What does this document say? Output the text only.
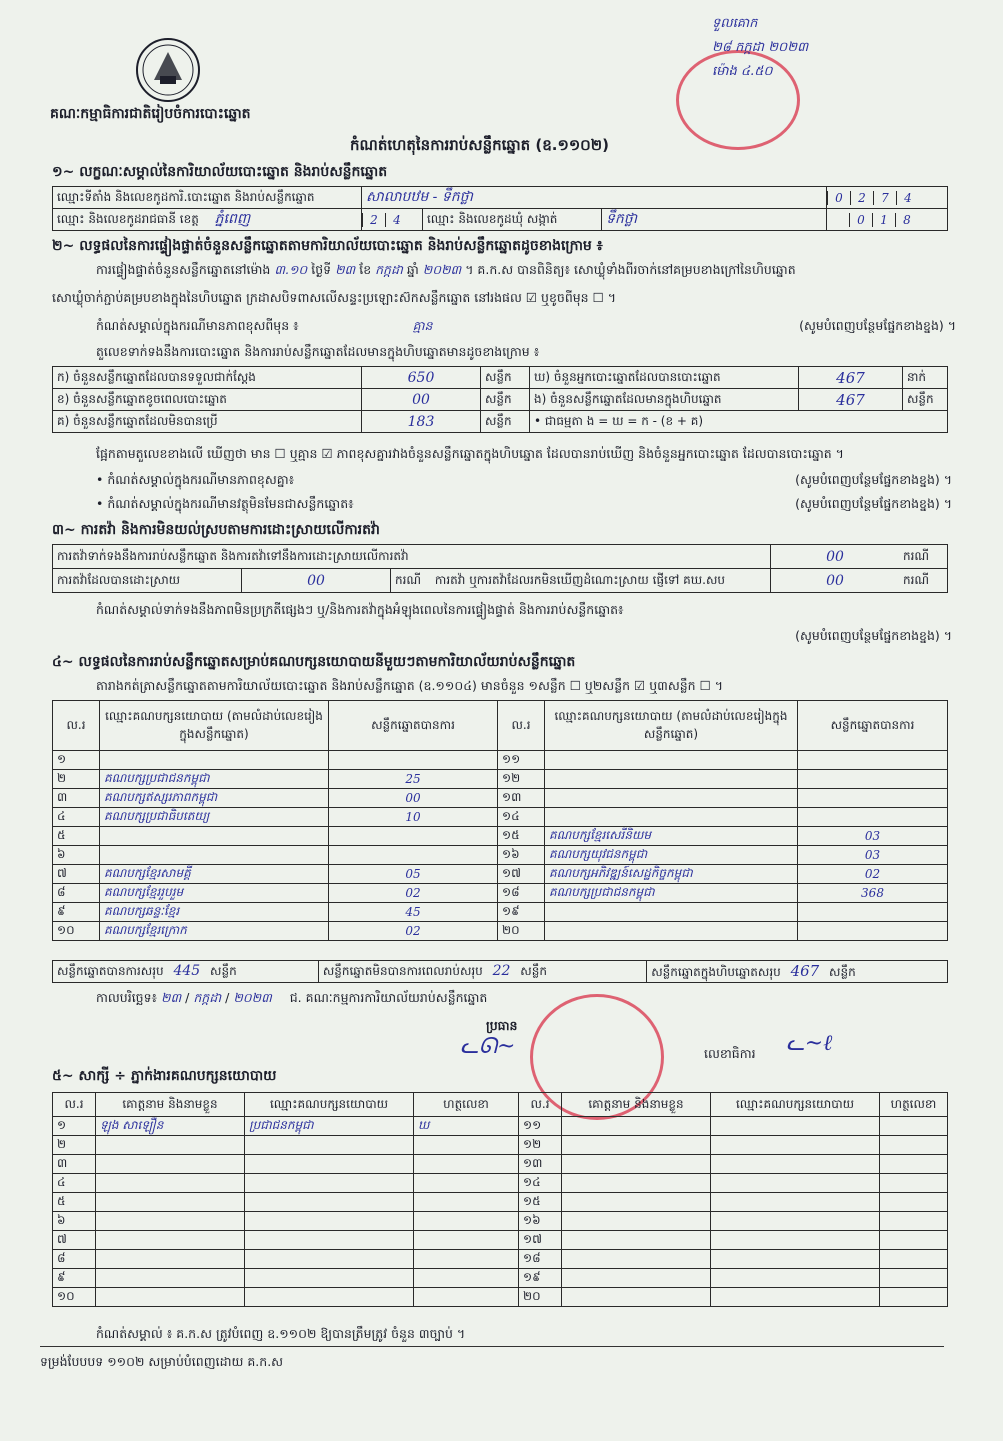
គណៈកម្មាធិការជាតិរៀបចំការបោះឆ្នោត
ទួលគោក
២៨ កក្កដា ២០២៣
ម៉ោង ៤.៥០
កំណត់ហេតុនៃការរាប់សន្លឹកឆ្នោត (ឧ.១១០២)
១~ លក្ខណៈសម្គាល់នៃការិយាល័យបោះឆ្នោត និងរាប់សន្លឹកឆ្នោត
ឈ្មោះទីតាំង និងលេខកូដការិ.បោះឆ្នោត និងរាប់សន្លឹកឆ្នោត	សាលាបឋម - ទឹកថ្លា			0 2 7 4
ឈ្មោះ និងលេខកូដរាជធានី ខេត្ត ភ្នំពេញ	2 4	ឈ្មោះ និងលេខកូដឃុំ សង្កាត់	ទឹកថ្លា	0 1 8
២~ លទ្ធផលនៃការផ្ទៀងផ្ទាត់ចំនួនសន្លឹកឆ្នោតតាមការិយាល័យបោះឆ្នោត និងរាប់សន្លឹកឆ្នោតដូចខាងក្រោម ៖
ការផ្ទៀងផ្ទាត់ចំនួនសន្លឹកឆ្នោតនៅម៉ោង ៣.១០ ថ្ងៃទី ២៣ ខែ កក្កដា ឆ្នាំ ២០២៣ ។ គ.ក.ស បានពិនិត្យ៖ សោឃ្លុំទាំងពីរចាក់នៅគម្របខាងក្រៅនៃហិបឆ្នោត
សោឃ្លុំចាក់ភ្ជាប់គម្របខាងក្នុងនៃហិបឆ្នោត ក្រដាសបិទពាសលើសន្ទះប្រឡោះស៊កសន្លឹកឆ្នោត នៅរងផល ☑ ឬខូចពីមុន ☐ ។
កំណត់សម្គាល់ក្នុងករណីមានភាពខុសពីមុន ៖	គ្មាន	(សូមបំពេញបន្ថែមផ្នែកខាងខ្នង) ។
តួលេខទាក់ទងនឹងការបោះឆ្នោត និងការរាប់សន្លឹកឆ្នោតដែលមានក្នុងហិបឆ្នោតមានដូចខាងក្រោម ៖
ក) ចំនួនសន្លឹកឆ្នោតដែលបានទទួលជាក់ស្តែង	650	សន្លឹក	ឃ) ចំនួនអ្នកបោះឆ្នោតដែលបានបោះឆ្នោត	467	នាក់
ខ) ចំនួនសន្លឹកឆ្នោតខូចពេលបោះឆ្នោត	00	សន្លឹក	ង) ចំនួនសន្លឹកឆ្នោតដែលមានក្នុងហិបឆ្នោត	467	សន្លឹក
គ) ចំនួនសន្លឹកឆ្នោតដែលមិនបានប្រើ	183	សន្លឹក	• ជាធម្មតា ង = ឃ = ក - (ខ + គ)		
ផ្អែកតាមតួលេខខាងលើ ឃើញថា មាន ☐ ឬគ្មាន ☑ ភាពខុសគ្នារវាងចំនួនសន្លឹកឆ្នោតក្នុងហិបឆ្នោត ដែលបានរាប់ឃើញ និងចំនួនអ្នកបោះឆ្នោត ដែលបានបោះឆ្នោត ។
• កំណត់សម្គាល់ក្នុងករណីមានភាពខុសគ្នា៖	(សូមបំពេញបន្ថែមផ្នែកខាងខ្នង) ។
• កំណត់សម្គាល់ក្នុងករណីមានវត្ថុមិនមែនជាសន្លឹកឆ្នោត៖	(សូមបំពេញបន្ថែមផ្នែកខាងខ្នង) ។
៣~ ការតវ៉ា និងការមិនយល់ស្របតាមការដោះស្រាយលើការតវ៉ា
ការតវ៉ាទាក់ទងនឹងការរាប់សន្លឹកឆ្នោត និងការតវ៉ាទៅនឹងការដោះស្រាយលើការតវ៉ា			00	ករណី
ការតវ៉ាដែលបានដោះស្រាយ	00	ករណី ការតវ៉ា ឬការតវ៉ាដែលរកមិនឃើញដំណោះស្រាយ ផ្ញើទៅ គឃ.សប	00	ករណី
កំណត់សម្គាល់ទាក់ទងនឹងភាពមិនប្រក្រតីផ្សេងៗ ឬ/និងការតវ៉ាក្នុងអំឡុងពេលនៃការផ្ទៀងផ្ទាត់ និងការរាប់សន្លឹកឆ្នោត៖
(សូមបំពេញបន្ថែមផ្នែកខាងខ្នង) ។
៤~ លទ្ធផលនៃការរាប់សន្លឹកឆ្នោតសម្រាប់គណបក្សនយោបាយនីមួយៗតាមការិយាល័យរាប់សន្លឹកឆ្នោត
តារាងកត់ត្រាសន្លឹកឆ្នោតតាមការិយាល័យបោះឆ្នោត និងរាប់សន្លឹកឆ្នោត (ឧ.១១០៤) មានចំនួន ១សន្លឹក ☐ ឬ២សន្លឹក ☑ ឬ៣សន្លឹក ☐ ។
ល.រ	ឈ្មោះគណបក្សនយោបាយ (តាមលំដាប់លេខរៀងក្នុងសន្លឹកឆ្នោត)	សន្លឹកឆ្នោតបានការ	ល.រ	ឈ្មោះគណបក្សនយោបាយ (តាមលំដាប់លេខរៀងក្នុងសន្លឹកឆ្នោត)	សន្លឹកឆ្នោតបានការ
១			១១		
២	គណបក្សប្រជាជនកម្ពុជា	25	១២		
៣	គណបក្សឥស្សរភាពកម្ពុជា	00	១៣		
៤	គណបក្សប្រជាធិបតេយ្យ	10	១៤		
៥			១៥	គណបក្សខ្មែរសេរីនិយម	03
៦			១៦	គណបក្សយុវជនកម្ពុជា	03
៧	គណបក្សខ្មែរសាមគ្គី	05	១៧	គណបក្សអភិវឌ្ឍន៍សេដ្ឋកិច្ចកម្ពុជា	02
៨	គណបក្សខ្មែររួបរួម	02	១៨	គណបក្សប្រជាជនកម្ពុជា	368
៩	គណបក្សឆន្ទៈខ្មែរ	45	១៩		
១០	គណបក្សខ្មែរក្រោក	02	២០		
សន្លឹកឆ្នោតបានការសរុប 445 សន្លឹក	សន្លឹកឆ្នោតមិនបានការពេលរាប់សរុប 22 សន្លឹក	សន្លឹកឆ្នោតក្នុងហិបឆ្នោតសរុប 467 សន្លឹក
កាលបរិច្ឆេទ៖ ២៣ / កក្កដា / ២០២៣ ជ. គណៈកម្មការការិយាល័យរាប់សន្លឹកឆ្នោត
ប្រធាន
ᓚᘏ~	លេខាធិការ ᓚ~ℓ
៥~ សាក្សី ÷ ភ្នាក់ងារគណបក្សនយោបាយ
ល.រ	គោត្តនាម និងនាមខ្លួន	ឈ្មោះគណបក្សនយោបាយ	ហត្ថលេខា	ល.រ	គោត្តនាម និងនាមខ្លួន	ឈ្មោះគណបក្សនយោបាយ	ហត្ថលេខា
១	ឡុង សាឡឿន	ប្រជាជនកម្ពុជា	ឃ	១១			
២				១២			
៣				១៣			
៤				១៤			
៥				១៥			
៦				១៦			
៧				១៧			
៨				១៨			
៩				១៩			
១០				២០			
កំណត់សម្គាល់ ៖ គ.ក.ស ត្រូវបំពេញ ឧ.១១០២ ឱ្យបានត្រឹមត្រូវ ចំនួន ៣ច្បាប់ ។
ទម្រង់បែបបទ ១១០២ សម្រាប់បំពេញដោយ គ.ក.ស
